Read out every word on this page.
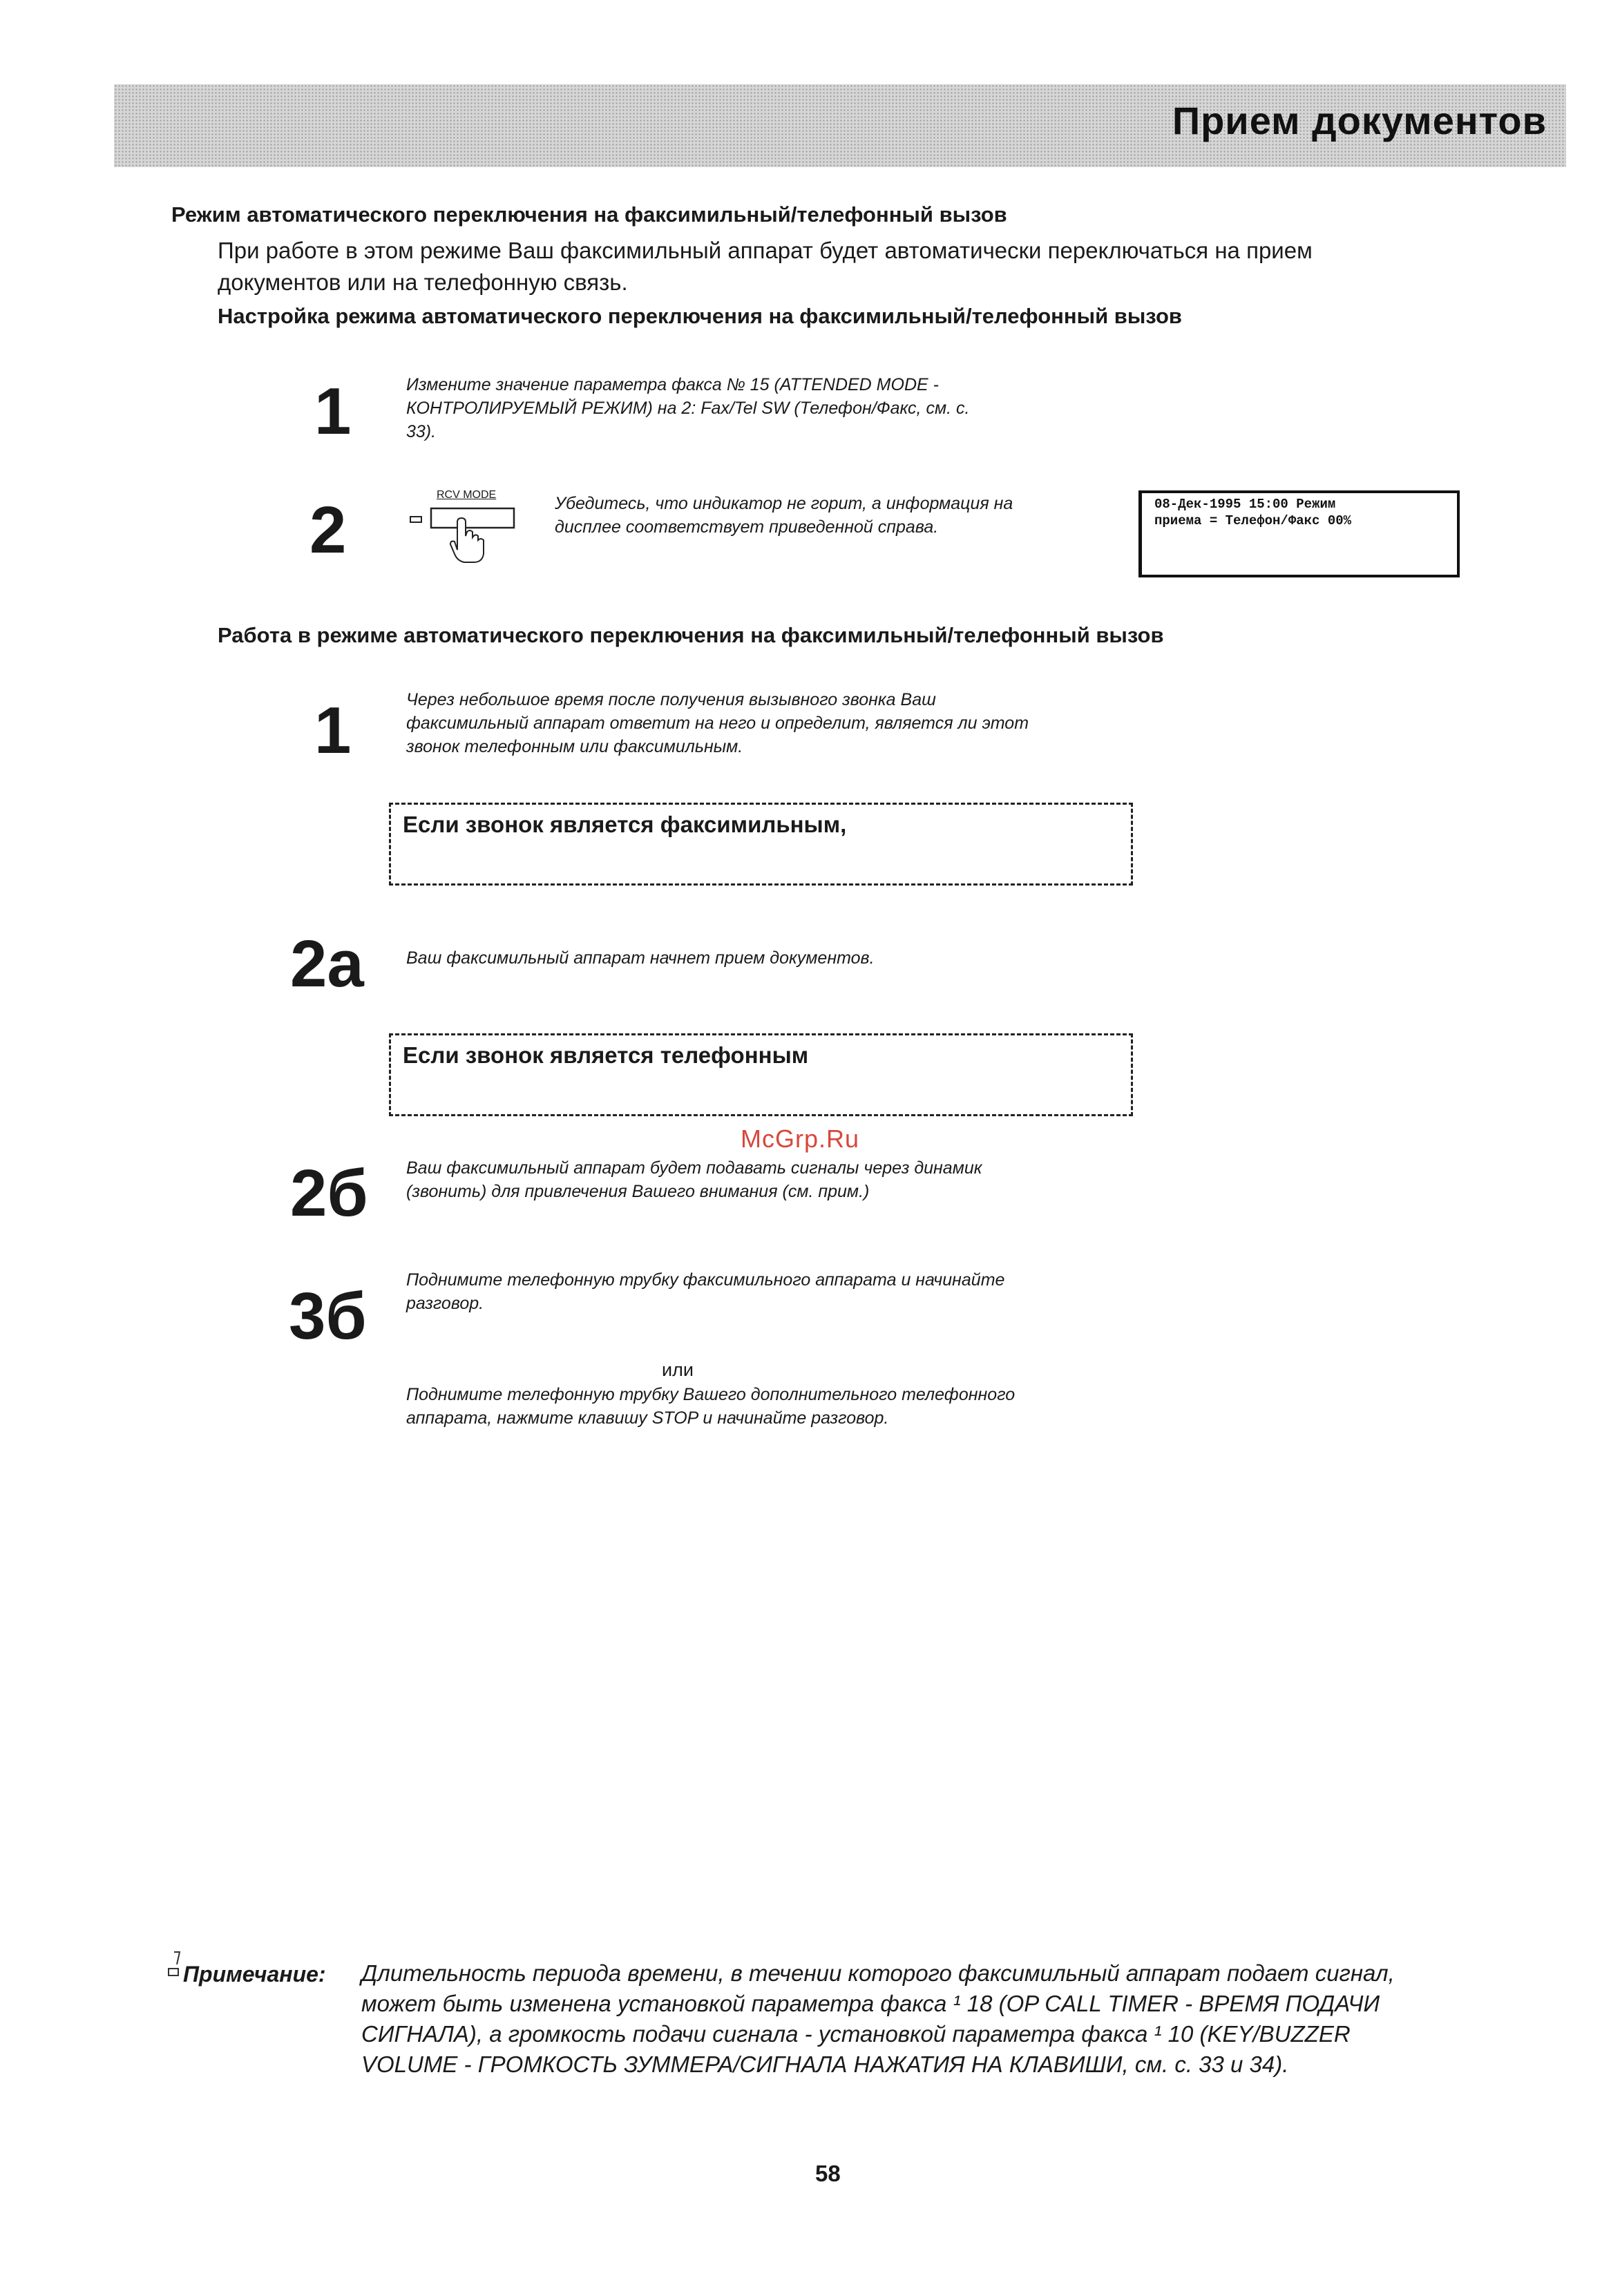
Прием документов
Режим автоматического переключения на факсимильный/телефонный вызов
При работе в этом режиме Ваш факсимильный аппарат будет автоматически переключаться на прием
документов или на телефонную связь.
Настройка режима автоматического переключения на факсимильный/телефонный вызов
1	Измените значение параметра факса № 15 (ATTENDED MODE -
КОНТРОЛИРУЕМЫЙ РЕЖИМ) на 2: Fax/Tel SW (Телефон/Факс, см. с.
33).
2	RCV MODE	Убедитесь, что индикатор не горит, а информация на
дисплее соответствует приведенной справа.
08-Дек-1995 15:00 Режим
приема = Телефон/Факс 00%
Работа в режиме автоматического переключения на факсимильный/телефонный вызов
1	Через небольшое время после получения вызывного звонка Ваш
факсимильный аппарат ответит на него и определит, является ли этот
звонок телефонным или факсимильным.
Если звонок является факсимильным,
2а Ваш факсимильный аппарат начнет прием документов.
Если звонок является телефонным
McGrp.Ru
2б Ваш факсимильный аппарат будет подавать сигналы через динамик
(звонить) для привлечения Вашего внимания (см. прим.)
3б Поднимите телефонную трубку факсимильного аппарата и начинайте
разговор.
или
Поднимите телефонную трубку Вашего дополнительного телефонного
аппарата, нажмите клавишу STOP и начинайте разговор.
Примечание: Длительность периода времени, в течении которого факсимильный аппарат подает сигнал,
может быть изменена установкой параметра факса ¹ 18 (OP CALL TIMER - ВРЕМЯ ПОДАЧИ
СИГНАЛА), а громкость подачи сигнала - установкой параметра факса ¹ 10 (KEY/BUZZER
VOLUME - ГРОМКОСТЬ ЗУММЕРА/СИГНАЛА НАЖАТИЯ НА КЛАВИШИ, см. с. 33 и 34).
58
